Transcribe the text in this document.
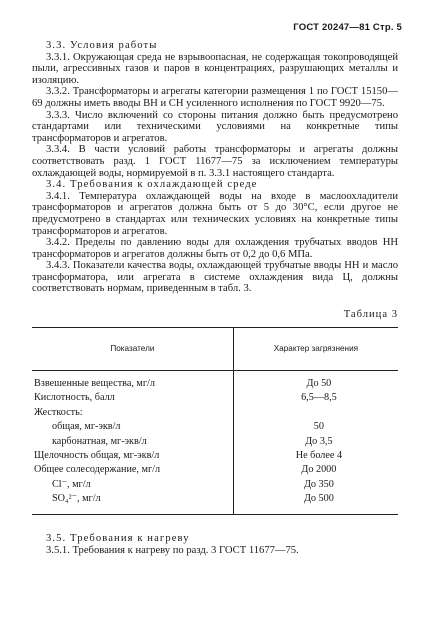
ГОСТ 20247—81 Стр. 5

3.3. Условия работы

3.3.1. Окружающая среда не взрывоопасная, не содержащая токопроводящей пыли, агрессивных газов и паров в концентрациях, разрушающих металлы и изоляцию.

3.3.2. Трансформаторы и агрегаты категории размещения 1 по ГОСТ 15150—69 должны иметь вводы ВН и СН усиленного исполнения по ГОСТ 9920—75.

3.3.3. Число включений со стороны питания должно быть предусмотрено стандартами или техническими условиями на конкретные типы трансформаторов и агрегатов.

3.3.4. В части условий работы трансформаторы и агрегаты должны соответствовать разд. 1 ГОСТ 11677—75 за исключением температуры охлаждающей воды, нормируемой в п. 3.3.1 настоящего стандарта.

3.4. Требования к охлаждающей среде

3.4.1. Температура охлаждающей воды на входе в маслоохладители трансформаторов и агрегатов должна быть от 5 до 30°С, если другое не предусмотрено в стандартах или технических условиях на конкретные типы трансформаторов и агрегатов.

3.4.2. Пределы по давлению воды для охлаждения трубчатых вводов НН трансформаторов и агрегатов должны быть от 0,2 до 0,6 МПа.

3.4.3. Показатели качества воды, охлаждающей трубчатые вводы НН и масло трансформатора, или агрегата в системе охлаждения вида Ц, должны соответствовать нормам, приведенным в табл. 3.

Таблица 3
Показатели	Характер загрязнения
Взвешенные вещества, мг/л	До 50
Кислотность, балл	6,5—8,5
Жесткость:	
общая, мг-экв/л	50
карбонатная, мг-экв/л	До 3,5
Щелочность общая, мг-экв/л	Не более 4
Общее солесодержание, мг/л	До 2000
Cl⁻, мг/л	До 350
SO₄²⁻, мг/л	До 500

3.5. Требования к нагреву

3.5.1. Требования к нагреву по разд. 3 ГОСТ 11677—75.
